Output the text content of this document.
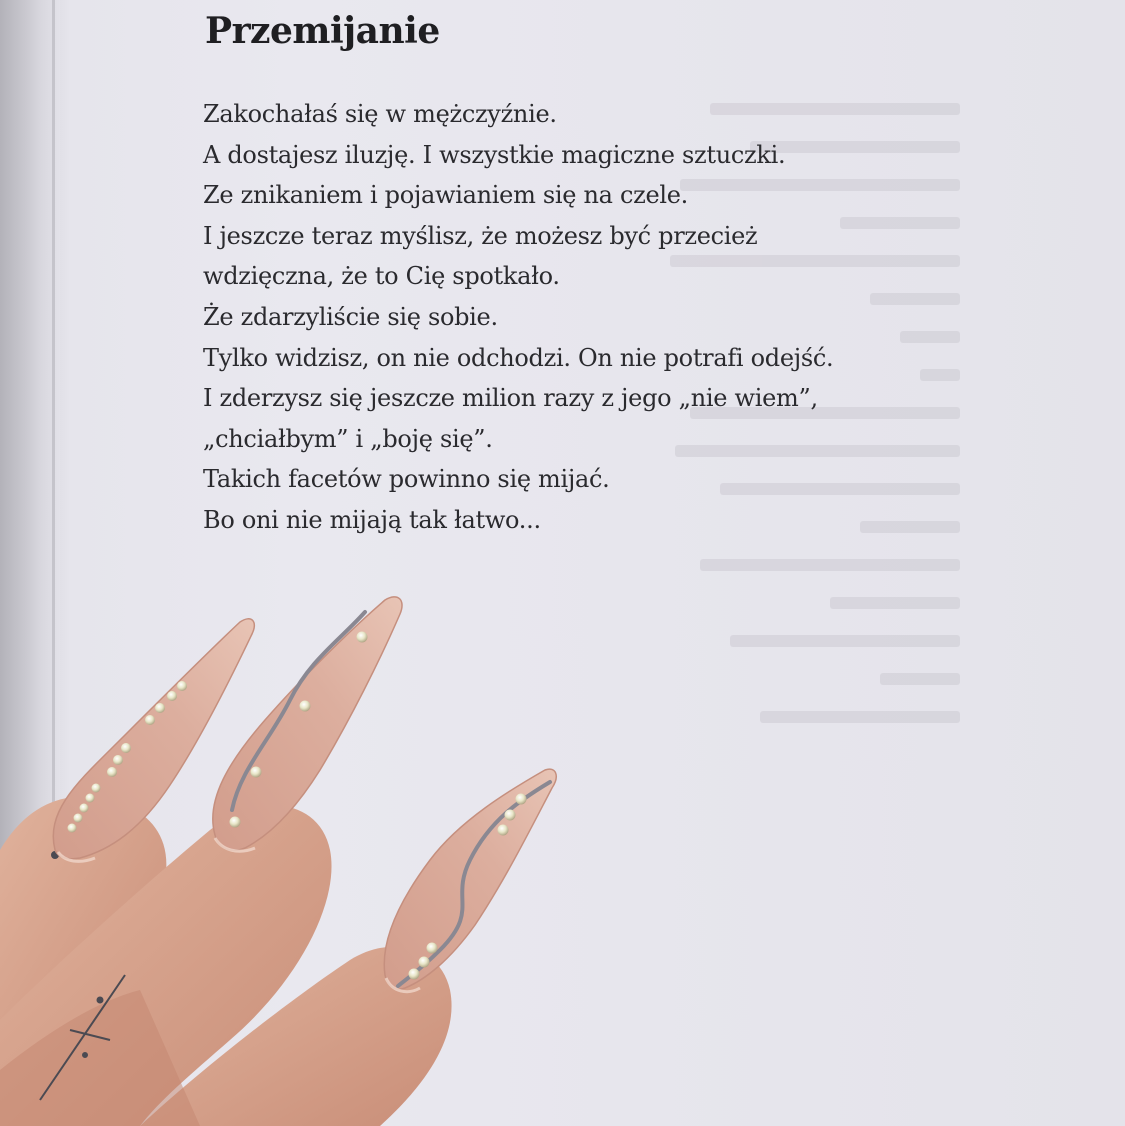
Przemijanie
Zakochałaś się w mężczyźnie.
A dostajesz iluzję. I wszystkie magiczne sztuczki.
Ze znikaniem i pojawianiem się na czele.
I jeszcze teraz myślisz, że możesz być przecież
wdzięczna, że to Cię spotkało.
Że zdarzyliście się sobie.
Tylko widzisz, on nie odchodzi. On nie potrafi odejść.
I zderzysz się jeszcze milion razy z jego „nie wiem”,
„chciałbym” i „boję się”.
Takich facetów powinno się mijać.
Bo oni nie mijają tak łatwo...
